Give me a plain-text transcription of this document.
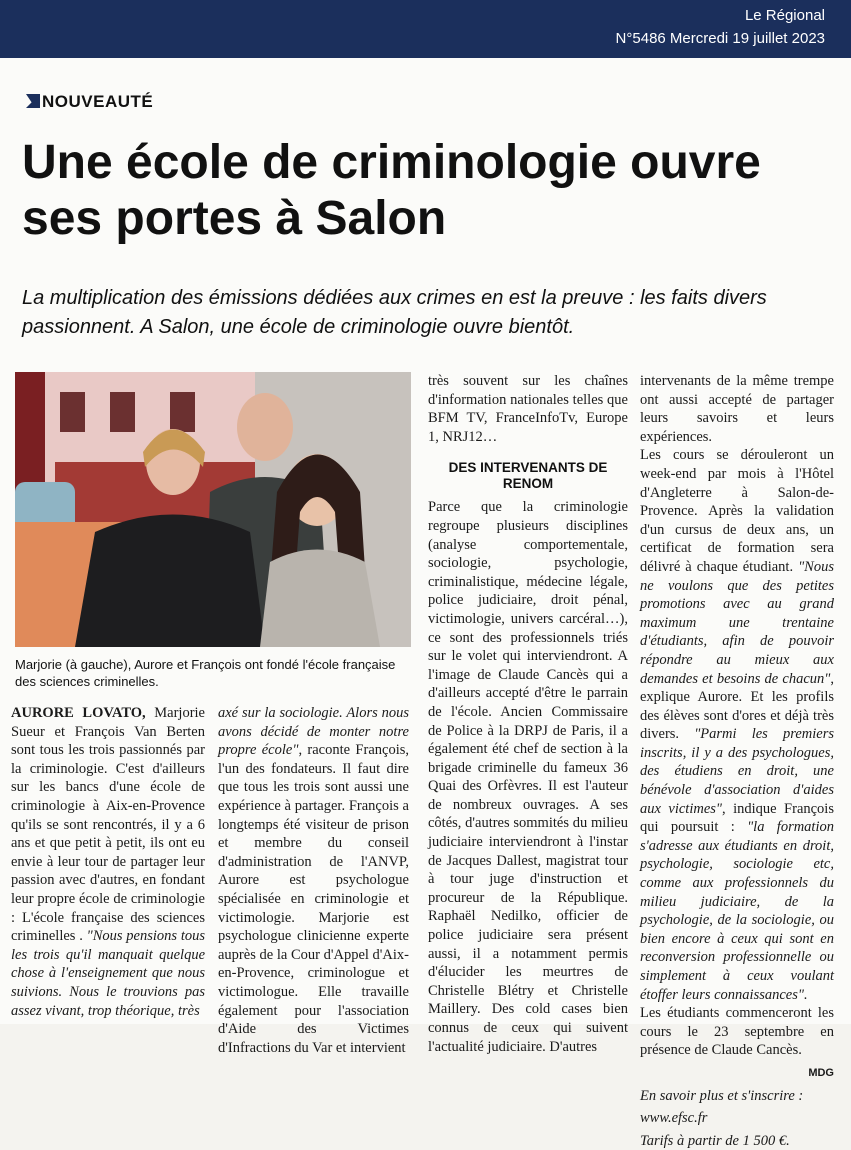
Le Régional
N°5486 Mercredi 19 juillet 2023
NOUVEAUTÉ
Une école de criminologie ouvre ses portes à Salon
La multiplication des émissions dédiées aux crimes en est la preuve : les faits divers passionnent. A Salon, une école de criminologie ouvre bientôt.
Marjorie (à gauche), Aurore et François ont fondé l'école française des sciences criminelles.

AURORE LOVATO, Marjorie Sueur et François Van Berten sont tous les trois passionnés par la criminologie. C'est d'ailleurs sur les bancs d'une école de criminologie à Aix-en-Provence qu'ils se sont rencontrés, il y a 6 ans et que petit à petit, ils ont eu envie à leur tour de partager leur passion avec d'autres, en fondant leur propre école de criminologie : L'école française des sciences criminelles . "Nous pensions tous les trois qu'il manquait quelque chose à l'enseignement que nous suivions. Nous le trouvions pas assez vivant, trop théorique, très

axé sur la sociologie. Alors nous avons décidé de monter notre propre école", raconte François, l'un des fondateurs. Il faut dire que tous les trois sont aussi une expérience à partager. François a longtemps été visiteur de prison et membre du conseil d'administration de l'ANVP, Aurore est psychologue spécialisée en criminologie et victimologie. Marjorie est psychologue clinicienne experte auprès de la Cour d'Appel d'Aix-en-Provence, criminologue et victimologue. Elle travaille également pour l'association d'Aide des Victimes d'Infractions du Var et intervient

très souvent sur les chaînes d'information nationales telles que BFM TV, FranceInfoTv, Europe 1, NRJ12…

DES INTERVENANTS DE RENOM

Parce que la criminologie regroupe plusieurs disciplines (analyse comportementale, sociologie, psychologie, criminalistique, médecine légale, police judiciaire, droit pénal, victimologie, univers carcéral…), ce sont des professionnels triés sur le volet qui interviendront. A l'image de Claude Cancès qui a d'ailleurs accepté d'être le parrain de l'école. Ancien Commissaire de Police à la DRPJ de Paris, il a également été chef de section à la brigade criminelle du fameux 36 Quai des Orfèvres. Il est l'auteur de nombreux ouvrages. A ses côtés, d'autres sommités du milieu judiciaire interviendront à l'instar de Jacques Dallest, magistrat tour à tour juge d'instruction et procureur de la République. Raphaël Nedilko, officier de police judiciaire sera présent aussi, il a notamment permis d'élucider les meurtres de Christelle Blétry et Christelle Maillery. Des cold cases bien connus de ceux qui suivent l'actualité judiciaire. D'autres

intervenants de la même trempe ont aussi accepté de partager leurs savoirs et leurs expériences.

Les cours se dérouleront un week-end par mois à l'Hôtel d'Angleterre à Salon-de-Provence. Après la validation d'un cursus de deux ans, un certificat de formation sera délivré à chaque étudiant. "Nous ne voulons que des petites promotions avec au grand maximum une trentaine d'étudiants, afin de pouvoir répondre au mieux aux demandes et besoins de chacun", explique Aurore. Et les profils des élèves sont d'ores et déjà très divers. "Parmi les premiers inscrits, il y a des psychologues, des étudiens en droit, une bénévole d'association d'aides aux victimes", indique François qui poursuit : "la formation s'adresse aux étudiants en droit, psychologie, sociologie etc, comme aux professionnels du milieu judiciaire, de la psychologie, de la sociologie, ou bien encore à ceux qui sont en reconversion professionnelle ou simplement à ceux voulant étoffer leurs connaissances".

Les étudiants commenceront les cours le 23 septembre en présence de Claude Cancès.

MDG

En savoir plus et s'inscrire :

www.efsc.fr

Tarifs à partir de 1 500 €.
